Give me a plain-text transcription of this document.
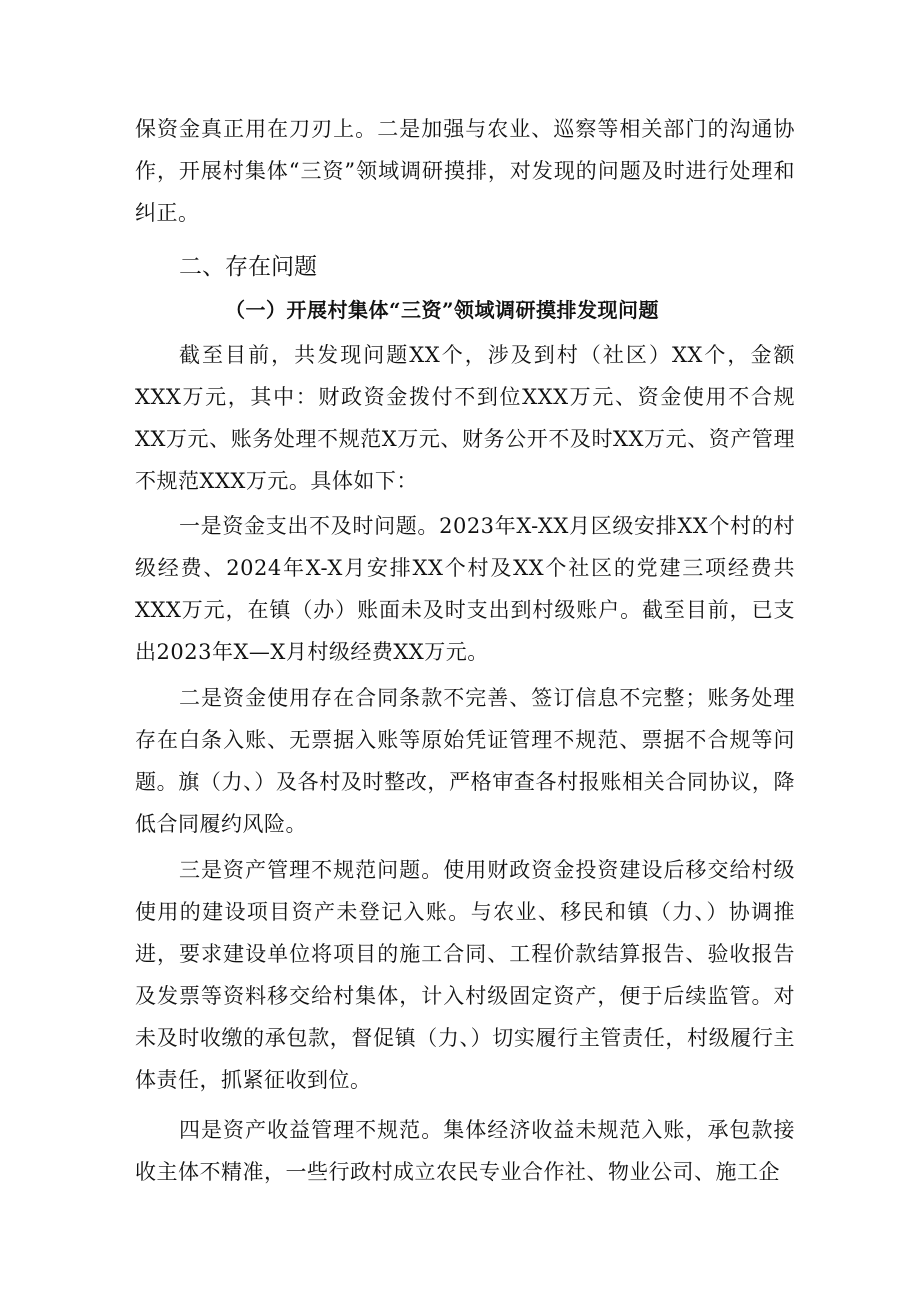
保资金真正用在刀刃上。二是加强与农业、巡察等相关部门的沟通协作，开展村集体“三资”领域调研摸排，对发现的问题及时进行处理和纠正。

二、存在问题
（一）开展村集体“三资”领域调研摸排发现问题

截至目前，共发现问题XX个，涉及到村（社区）XX个，金额XXX万元，其中：财政资金拨付不到位XXX万元、资金使用不合规XX万元、账务处理不规范X万元、财务公开不及时XX万元、资产管理不规范XXX万元。具体如下：

一是资金支出不及时问题。2023年X-XX月区级安排XX个村的村级经费、2024年X-X月安排XX个村及XX个社区的党建三项经费共XXX万元，在镇（办）账面未及时支出到村级账户。截至目前，已支出2023年X—X月村级经费XX万元。

二是资金使用存在合同条款不完善、签订信息不完整；账务处理存在白条入账、无票据入账等原始凭证管理不规范、票据不合规等问题。旗（力、）及各村及时整改，严格审查各村报账相关合同协议，降低合同履约风险。

三是资产管理不规范问题。使用财政资金投资建设后移交给村级使用的建设项目资产未登记入账。与农业、移民和镇（力、）协调推进，要求建设单位将项目的施工合同、工程价款结算报告、验收报告及发票等资料移交给村集体，计入村级固定资产，便于后续监管。对未及时收缴的承包款，督促镇（力、）切实履行主管责任，村级履行主体责任，抓紧征收到位。

四是资产收益管理不规范。集体经济收益未规范入账，承包款接收主体不精准，一些行政村成立农民专业合作社、物业公司、施工企
